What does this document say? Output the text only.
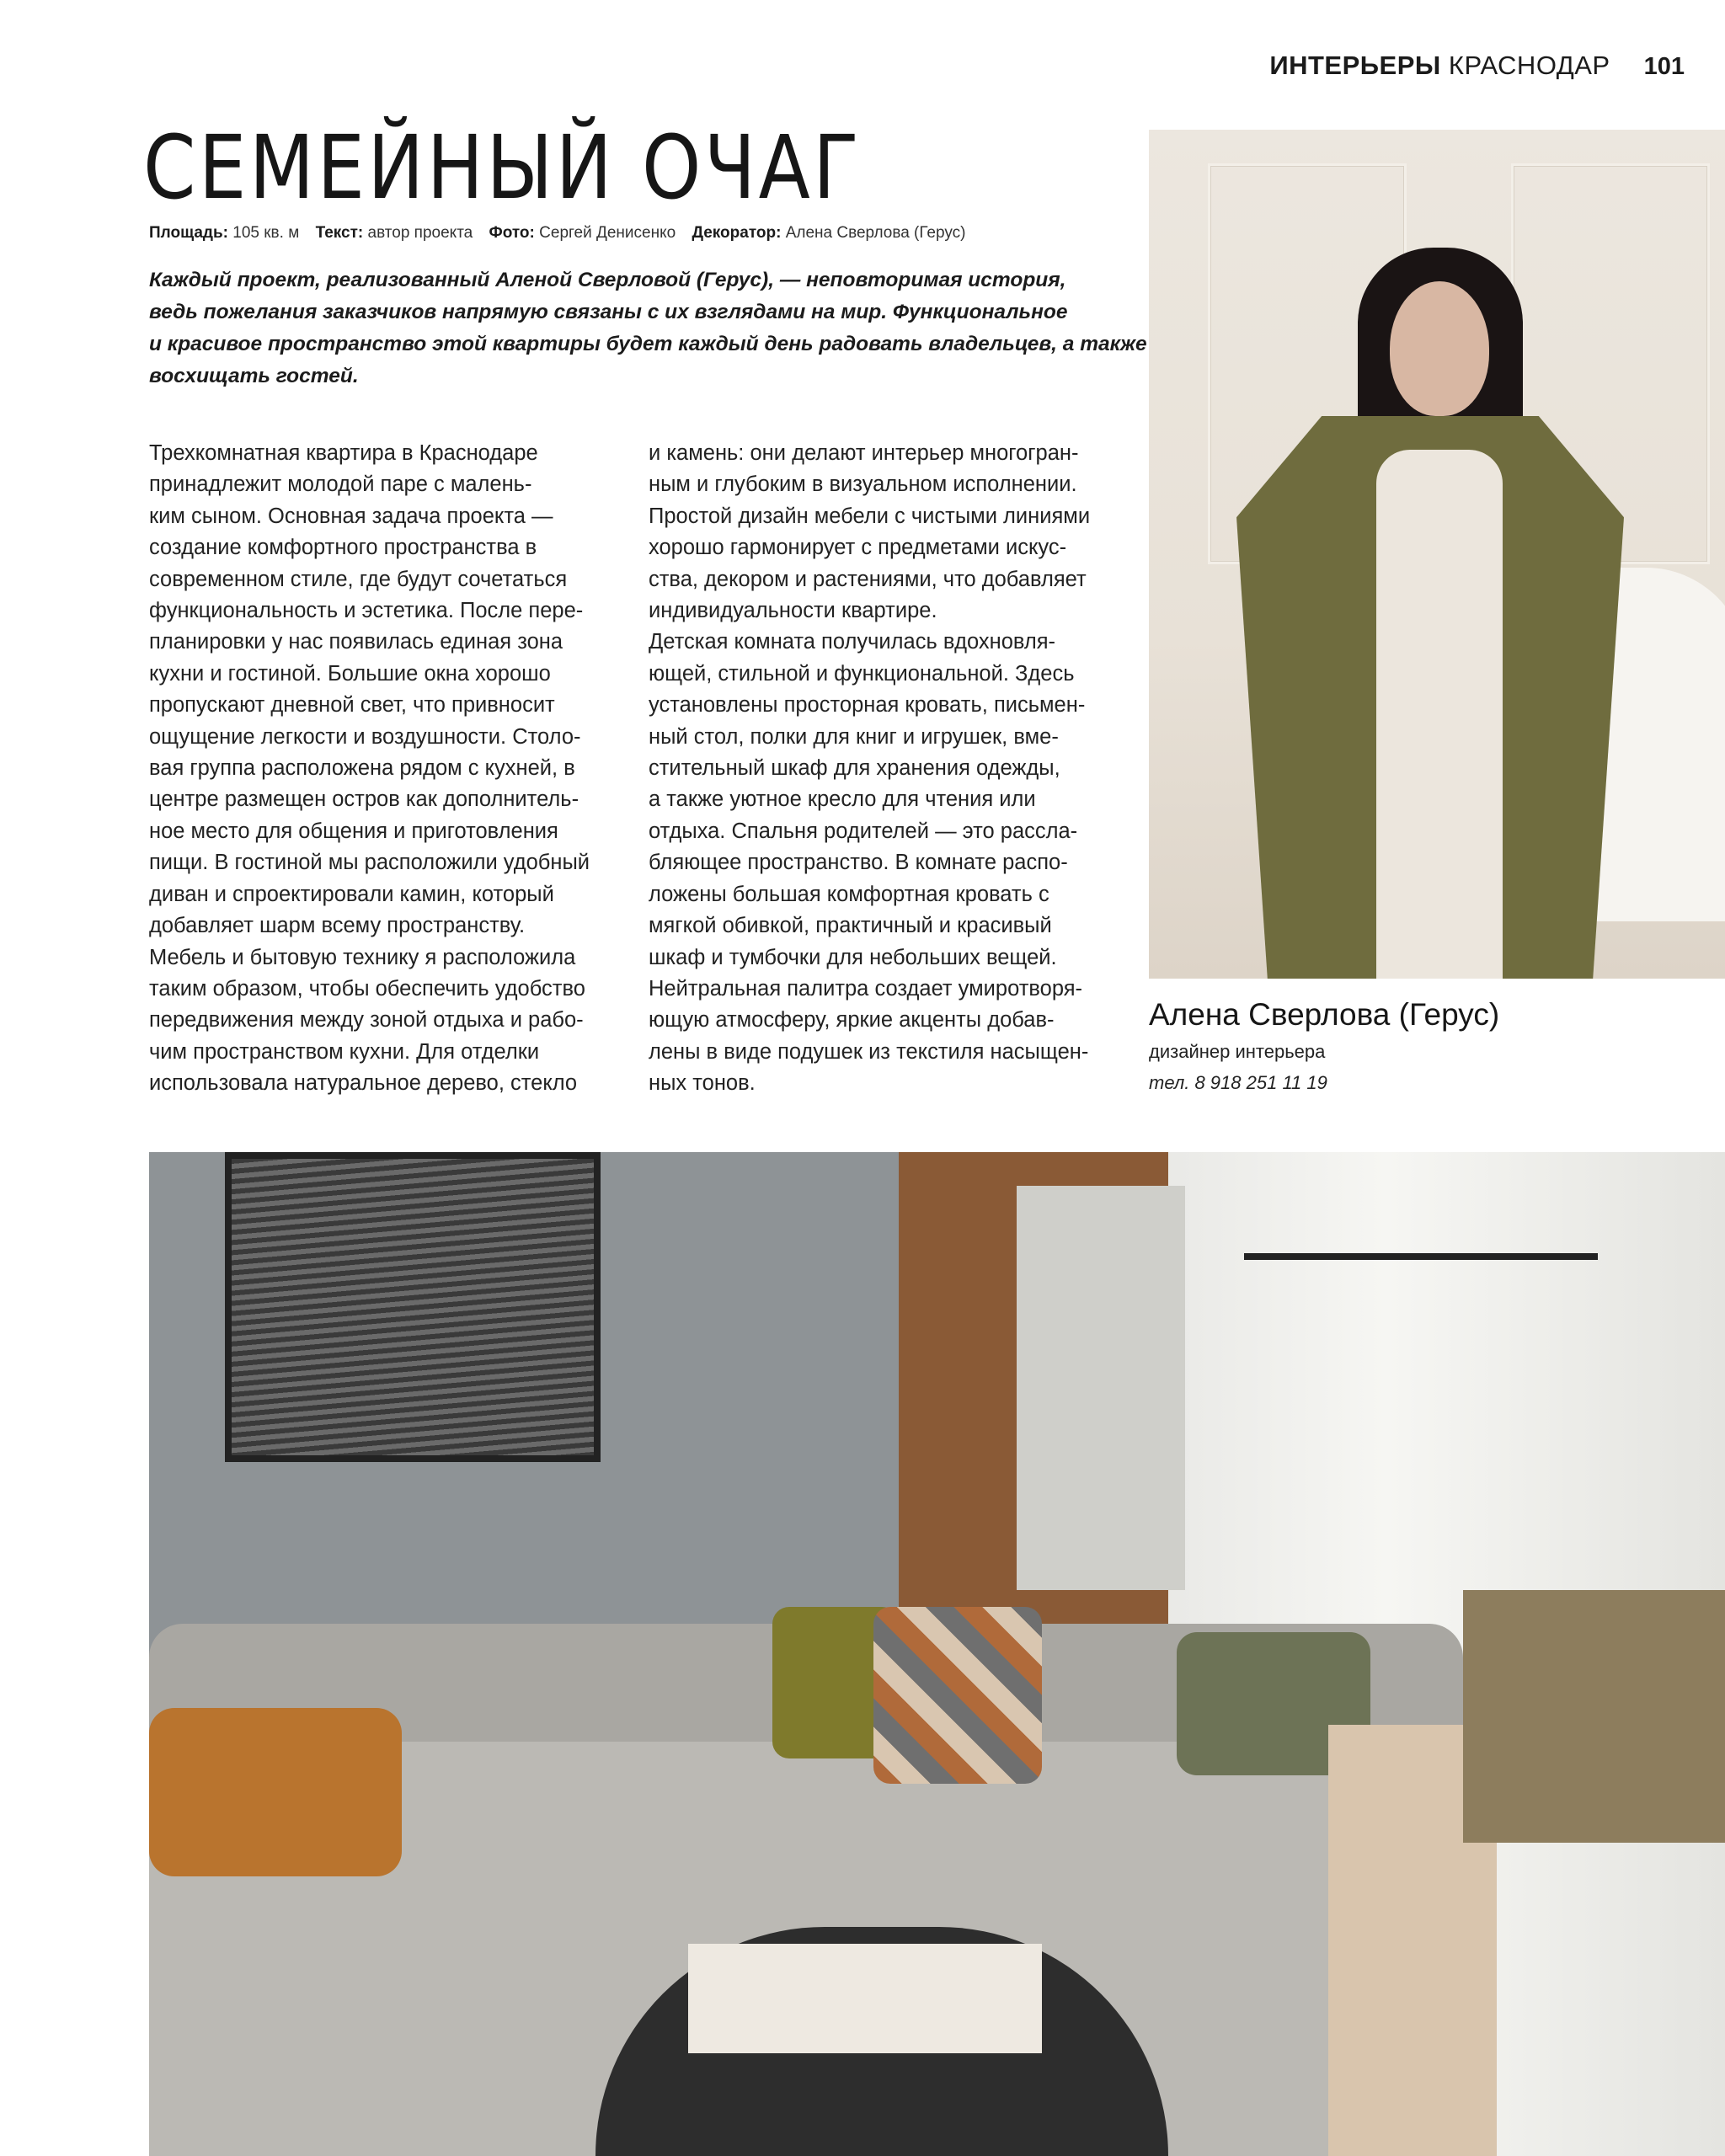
ИНТЕРЬЕРЫ КРАСНОДАР 101
СЕМЕЙНЫЙ ОЧАГ
Площадь: 105 кв. м Текст: автор проекта Фото: Сергей Денисенко Декоратор: Алена Сверлова (Герус)

Каждый проект, реализованный Аленой Сверловой (Герус), — неповторимая история,
ведь пожелания заказчиков напрямую связаны с их взглядами на мир. Функциональное
и красивое пространство этой квартиры будет каждый день радовать владельцев, а также
восхищать гостей.

Трехкомнатная квартира в Краснодаре
принадлежит молодой паре с малень-
ким сыном. Основная задача проекта —
создание комфортного пространства в
современном стиле, где будут сочетаться
функциональность и эстетика. После пере-
планировки у нас появилась единая зона
кухни и гостиной. Большие окна хорошо
пропускают дневной свет, что привносит
ощущение легкости и воздушности. Столо-
вая группа расположена рядом с кухней, в
центре размещен остров как дополнитель-
ное место для общения и приготовления
пищи. В гостиной мы расположили удобный
диван и спроектировали камин, который
добавляет шарм всему пространству.
Мебель и бытовую технику я расположила
таким образом, чтобы обеспечить удобство
передвижения между зоной отдыха и рабо-
чим пространством кухни. Для отделки
использовала натуральное дерево, стекло

и камень: они делают интерьер многогран-
ным и глубоким в визуальном исполнении.
Простой дизайн мебели с чистыми линиями
хорошо гармонирует с предметами искус-
ства, декором и растениями, что добавляет
индивидуальности квартире.
Детская комната получилась вдохновля-
ющей, стильной и функциональной. Здесь
установлены просторная кровать, письмен-
ный стол, полки для книг и игрушек, вме-
стительный шкаф для хранения одежды,
а также уютное кресло для чтения или
отдыха. Спальня родителей — это рассла-
бляющее пространство. В комнате распо-
ложены большая комфортная кровать с
мягкой обивкой, практичный и красивый
шкаф и тумбочки для небольших вещей.
Нейтральная палитра создает умиротворя-
ющую атмосферу, яркие акценты добав-
лены в виде подушек из текстиля насыщен-
ных тонов.

Алена Сверлова (Герус)
дизайнер интерьера
тел. 8 918 251 11 19
